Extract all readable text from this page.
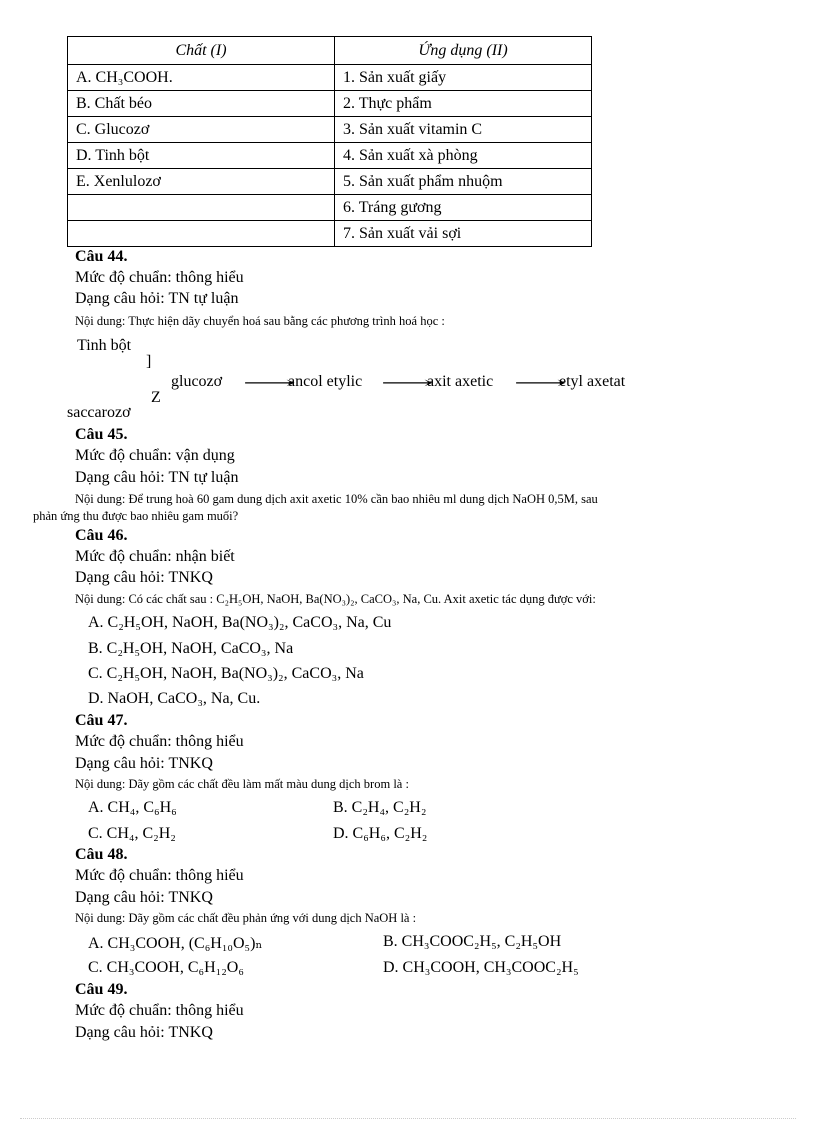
Chất (I)	Ứng dụng (II)
A. CH₃COOH.	1. Sản xuất giấy
B. Chất béo	2. Thực phẩm
C. Glucozơ	3. Sản xuất vitamin C
D. Tinh bột	4. Sản xuất xà phòng
E. Xenlulozơ	5. Sản xuất phẩm nhuộm
	6. Tráng gương
	7. Sản xuất vải sợi
Câu 44.
Mức độ chuẩn: thông hiểu
Dạng câu hỏi: TN tự luận
Nội dung: Thực hiện dãy chuyển hoá sau bằng các phương trình hoá học :
Tinh bột
]
Z
saccarozơ
glucozơ ⟶
ancol etylic ⟶
axit axetic ⟶
etyl axetat
Câu 45.
Mức độ chuẩn: vận dụng
Dạng câu hỏi: TN tự luận
Nội dung: Để trung hoà 60 gam dung dịch axit axetic 10% cần bao nhiêu ml dung dịch NaOH 0,5M, sau
phản ứng thu được bao nhiêu gam muối?
Câu 46.
Mức độ chuẩn: nhận biết
Dạng câu hỏi: TNKQ
Nội dung: Có các chất sau : C₂H₅OH, NaOH, Ba(NO₃)₂, CaCO₃, Na, Cu. Axit axetic tác dụng được với:
A. C₂H₅OH, NaOH, Ba(NO₃)₂, CaCO₃, Na, Cu
B. C₂H₅OH, NaOH, CaCO₃, Na
C. C₂H₅OH, NaOH, Ba(NO₃)₂, CaCO₃, Na
D. NaOH, CaCO₃, Na, Cu.
Câu 47.
Mức độ chuẩn: thông hiểu
Dạng câu hỏi: TNKQ
Nội dung: Dãy gồm các chất đều làm mất màu dung dịch brom là :
A. CH₄, C₆H₆	B. C₂H₄, C₂H₂
C. CH₄, C₂H₂	D. C₆H₆, C₂H₂
Câu 48.
Mức độ chuẩn: thông hiểu
Dạng câu hỏi: TNKQ
Nội dung: Dãy gồm các chất đều phản ứng với dung dịch NaOH là :
A. CH₃COOH, (C₆H₁₀O₅)ₙ	B. CH₃COOC₂H₅, C₂H₅OH
C. CH₃COOH, C₆H₁₂O₆	D. CH₃COOH, CH₃COOC₂H₅
Câu 49.
Mức độ chuẩn: thông hiểu
Dạng câu hỏi: TNKQ
